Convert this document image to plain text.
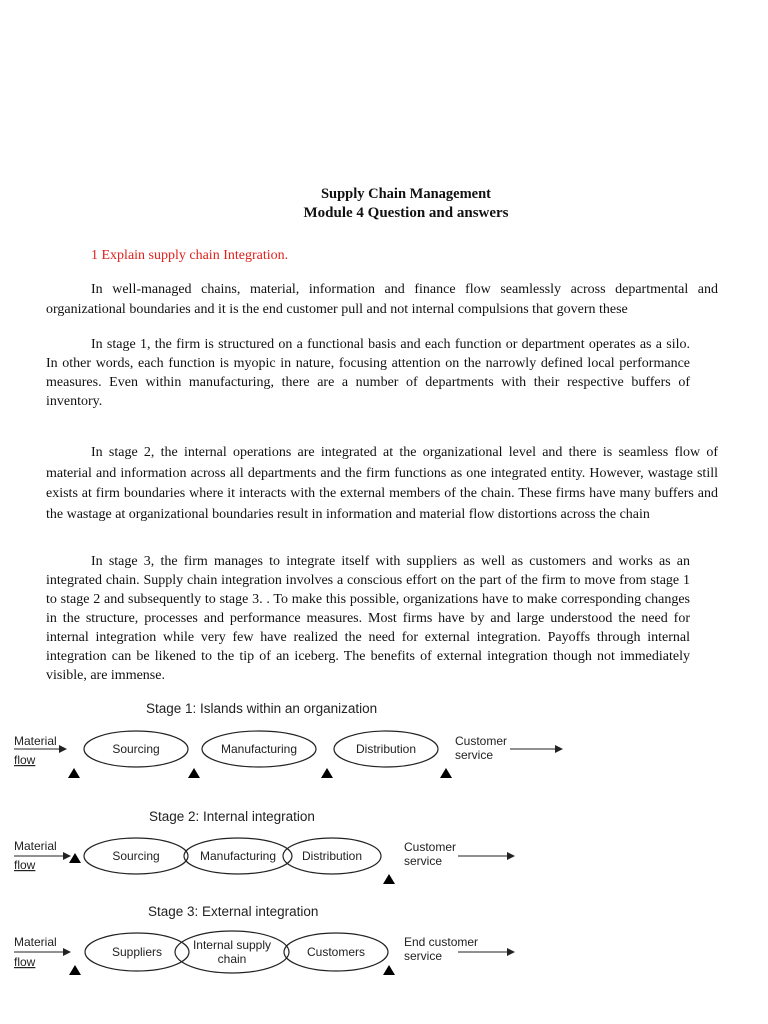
Supply Chain Management
Module 4 Question and answers

1 Explain supply chain Integration.

In well-managed chains, material, information and finance flow seamlessly across departmental and organizational boundaries and it is the end customer pull and not internal compulsions that govern these

In stage 1, the firm is structured on a functional basis and each function or department operates as a silo. In other words, each function is myopic in nature, focusing attention on the narrowly defined local performance measures. Even within manufacturing, there are a number of departments with their respective buffers of inventory.

In stage 2, the internal operations are integrated at the organizational level and there is seamless flow of material and information across all departments and the firm functions as one integrated entity. However, wastage still exists at firm boundaries where it interacts with the external members of the chain. These firms have many buffers and the wastage at organizational boundaries result in information and material flow distortions across the chain

In stage 3, the firm manages to integrate itself with suppliers as well as customers and works as an integrated chain. Supply chain integration involves a conscious effort on the part of the firm to move from stage 1 to stage 2 and subsequently to stage 3. . To make this possible, organizations have to make corresponding changes in the structure, processes and performance measures. Most firms have by and large understood the need for internal integration while very few have realized the need for external integration. Payoffs through internal integration can be likened to the tip of an iceberg. The benefits of external integration though not immediately visible, are immense.

Stage 1: Islands within an organization
Material
flow
Sourcing	Manufacturing	Distribution
Customer
service
Stage 2: Internal integration
Material
flow
Sourcing	Manufacturing Distribution
Customer
service
Stage 3: External integration
Material
flow
Suppliers	Internal supply
chain	Customers
End customer
service
